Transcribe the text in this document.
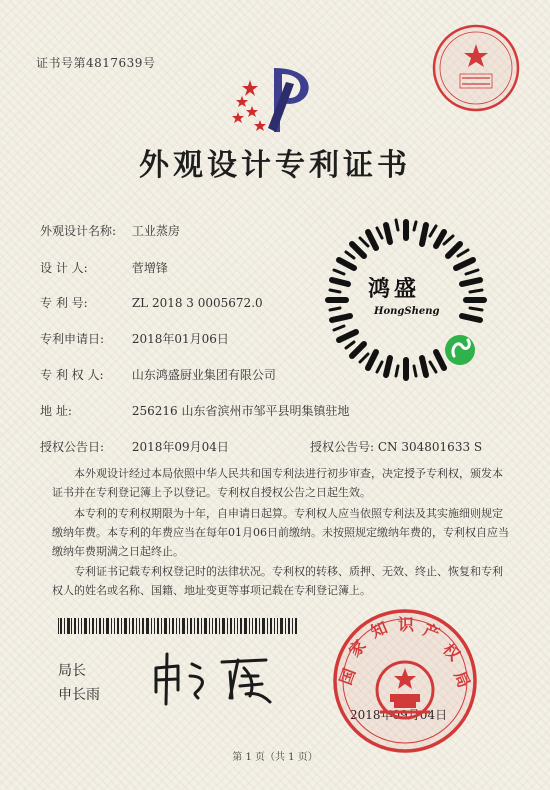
证书号第4817639号
外观设计专利证书
外观设计名称: 工业蒸房
设 计 人:	菅增锋
专 利 号:	ZL 2018 3 0005672.0
专利申请日: 2018年01月06日
专 利 权 人: 山东鸿盛厨业集团有限公司
地 址:	256216 山东省滨州市邹平县明集镇驻地
授权公告日: 2018年09月04日	授权公告号: CN 304801633 S
本外观设计经过本局依照中华人民共和国专利法进行初步审查，决定授予专利权，颁发本证书并在专利登记簿上予以登记。专利权自授权公告之日起生效。
本专利的专利权期限为十年，自申请日起算。专利权人应当依照专利法及其实施细则规定缴纳年费。本专利的年费应当在每年01月06日前缴纳。未按照规定缴纳年费的，专利权自应当缴纳年费期满之日起终止。
专利证书记载专利权登记时的法律状况。专利权的转移、质押、无效、终止、恢复和专利权人的姓名或名称、国籍、地址变更等事项记载在专利登记簿上。
局长
申长雨
第 1 页（共 1 页）
鸿盛
HongSheng
国
家
知 识 产
权
局
